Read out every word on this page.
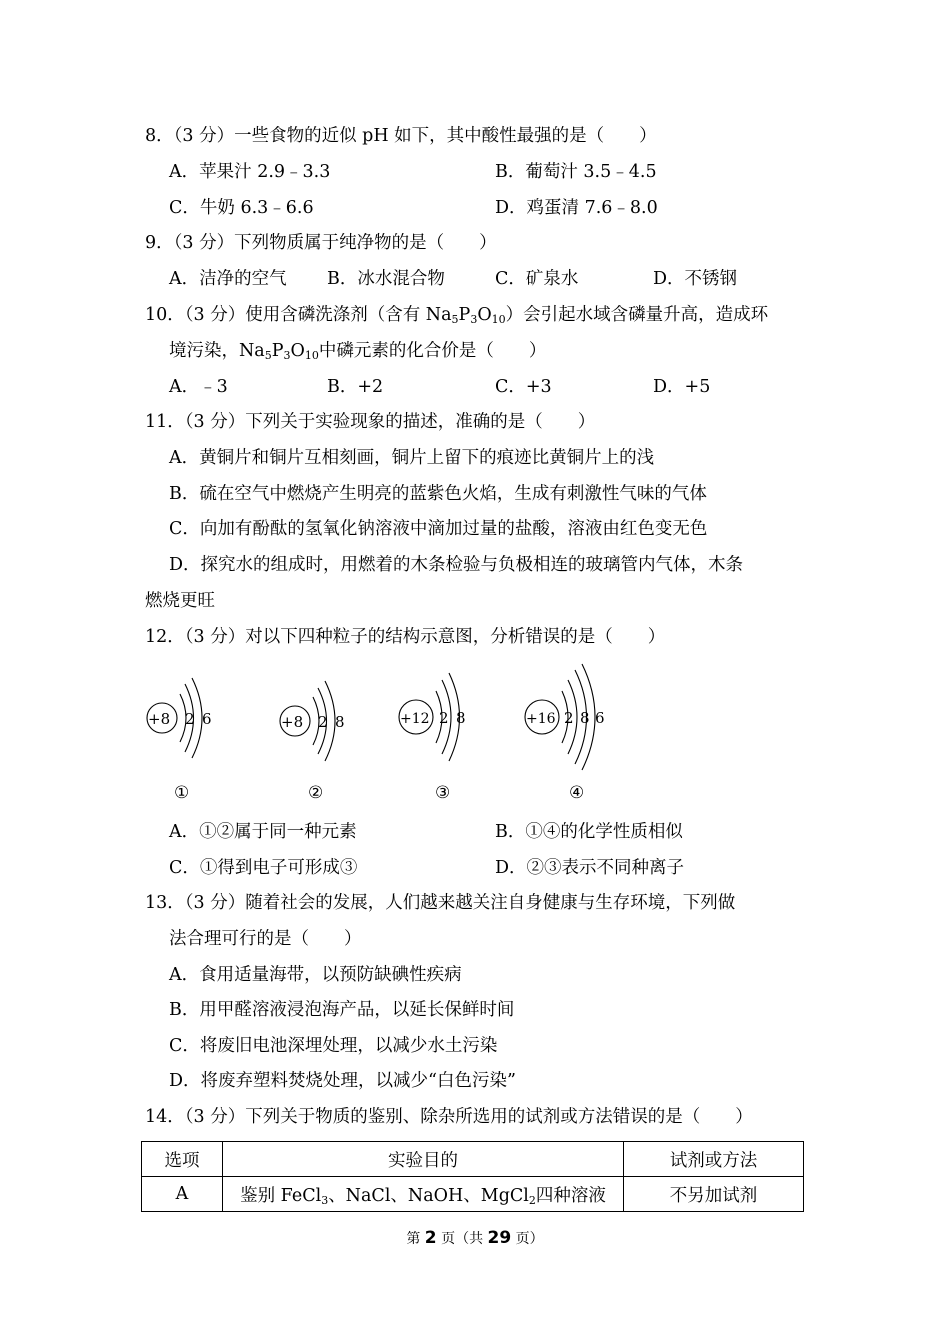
8．（3 分）一些食物的近似 pH 如下，其中酸性最强的是（　　）
A．苹果汁 2.9﹣3.3	B．葡萄汁 3.5﹣4.5
C．牛奶 6.3﹣6.6	D．鸡蛋清 7.6﹣8.0
9．（3 分）下列物质属于纯净物的是（　　）
A．洁净的空气 B．冰水混合物	C．矿泉水	D．不锈钢
10．（3 分）使用含磷洗涤剂（含有 $Na_5P_3O_{10}$）会引起水域含磷量升高，造成环
境污染，$Na_5P_3O_{10}$中磷元素的化合价是（　　）
A．﹣3	B．+2	C．+3	D．+5
11．（3 分）下列关于实验现象的描述，准确的是（　　）
A．黄铜片和铜片互相刻画，铜片上留下的痕迹比黄铜片上的浅
B．硫在空气中燃烧产生明亮的蓝紫色火焰，生成有刺激性气味的气体
C．向加有酚酞的氢氧化钠溶液中滴加过量的盐酸，溶液由红色变无色
D．探究水的组成时，用燃着的木条检验与负极相连的玻璃管内气体，木条
燃烧更旺
12．（3 分）对以下四种粒子的结构示意图，分析错误的是（　　）
+8 2 6	+8 2 8	+12 2 8	+16 2 8 6
①	②	③	④
A．①②属于同一种元素	B．①④的化学性质相似
C．①得到电子可形成③	D．②③表示不同种离子
13．（3 分）随着社会的发展，人们越来越关注自身健康与生存环境，下列做
法合理可行的是（　　）
A．食用适量海带，以预防缺碘性疾病
B．用甲醛溶液浸泡海产品，以延长保鲜时间
C．将废旧电池深埋处理，以减少水土污染
D．将废弃塑料焚烧处理，以减少“白色污染”
14．（3 分）下列关于物质的鉴别、除杂所选用的试剂或方法错误的是（　　）
选项	实验目的	试剂或方法
A	鉴别 FeCl$_3$、NaCl、NaOH、MgCl$_2$四种溶液	不另加试剂
第 2 页（共 29 页）
